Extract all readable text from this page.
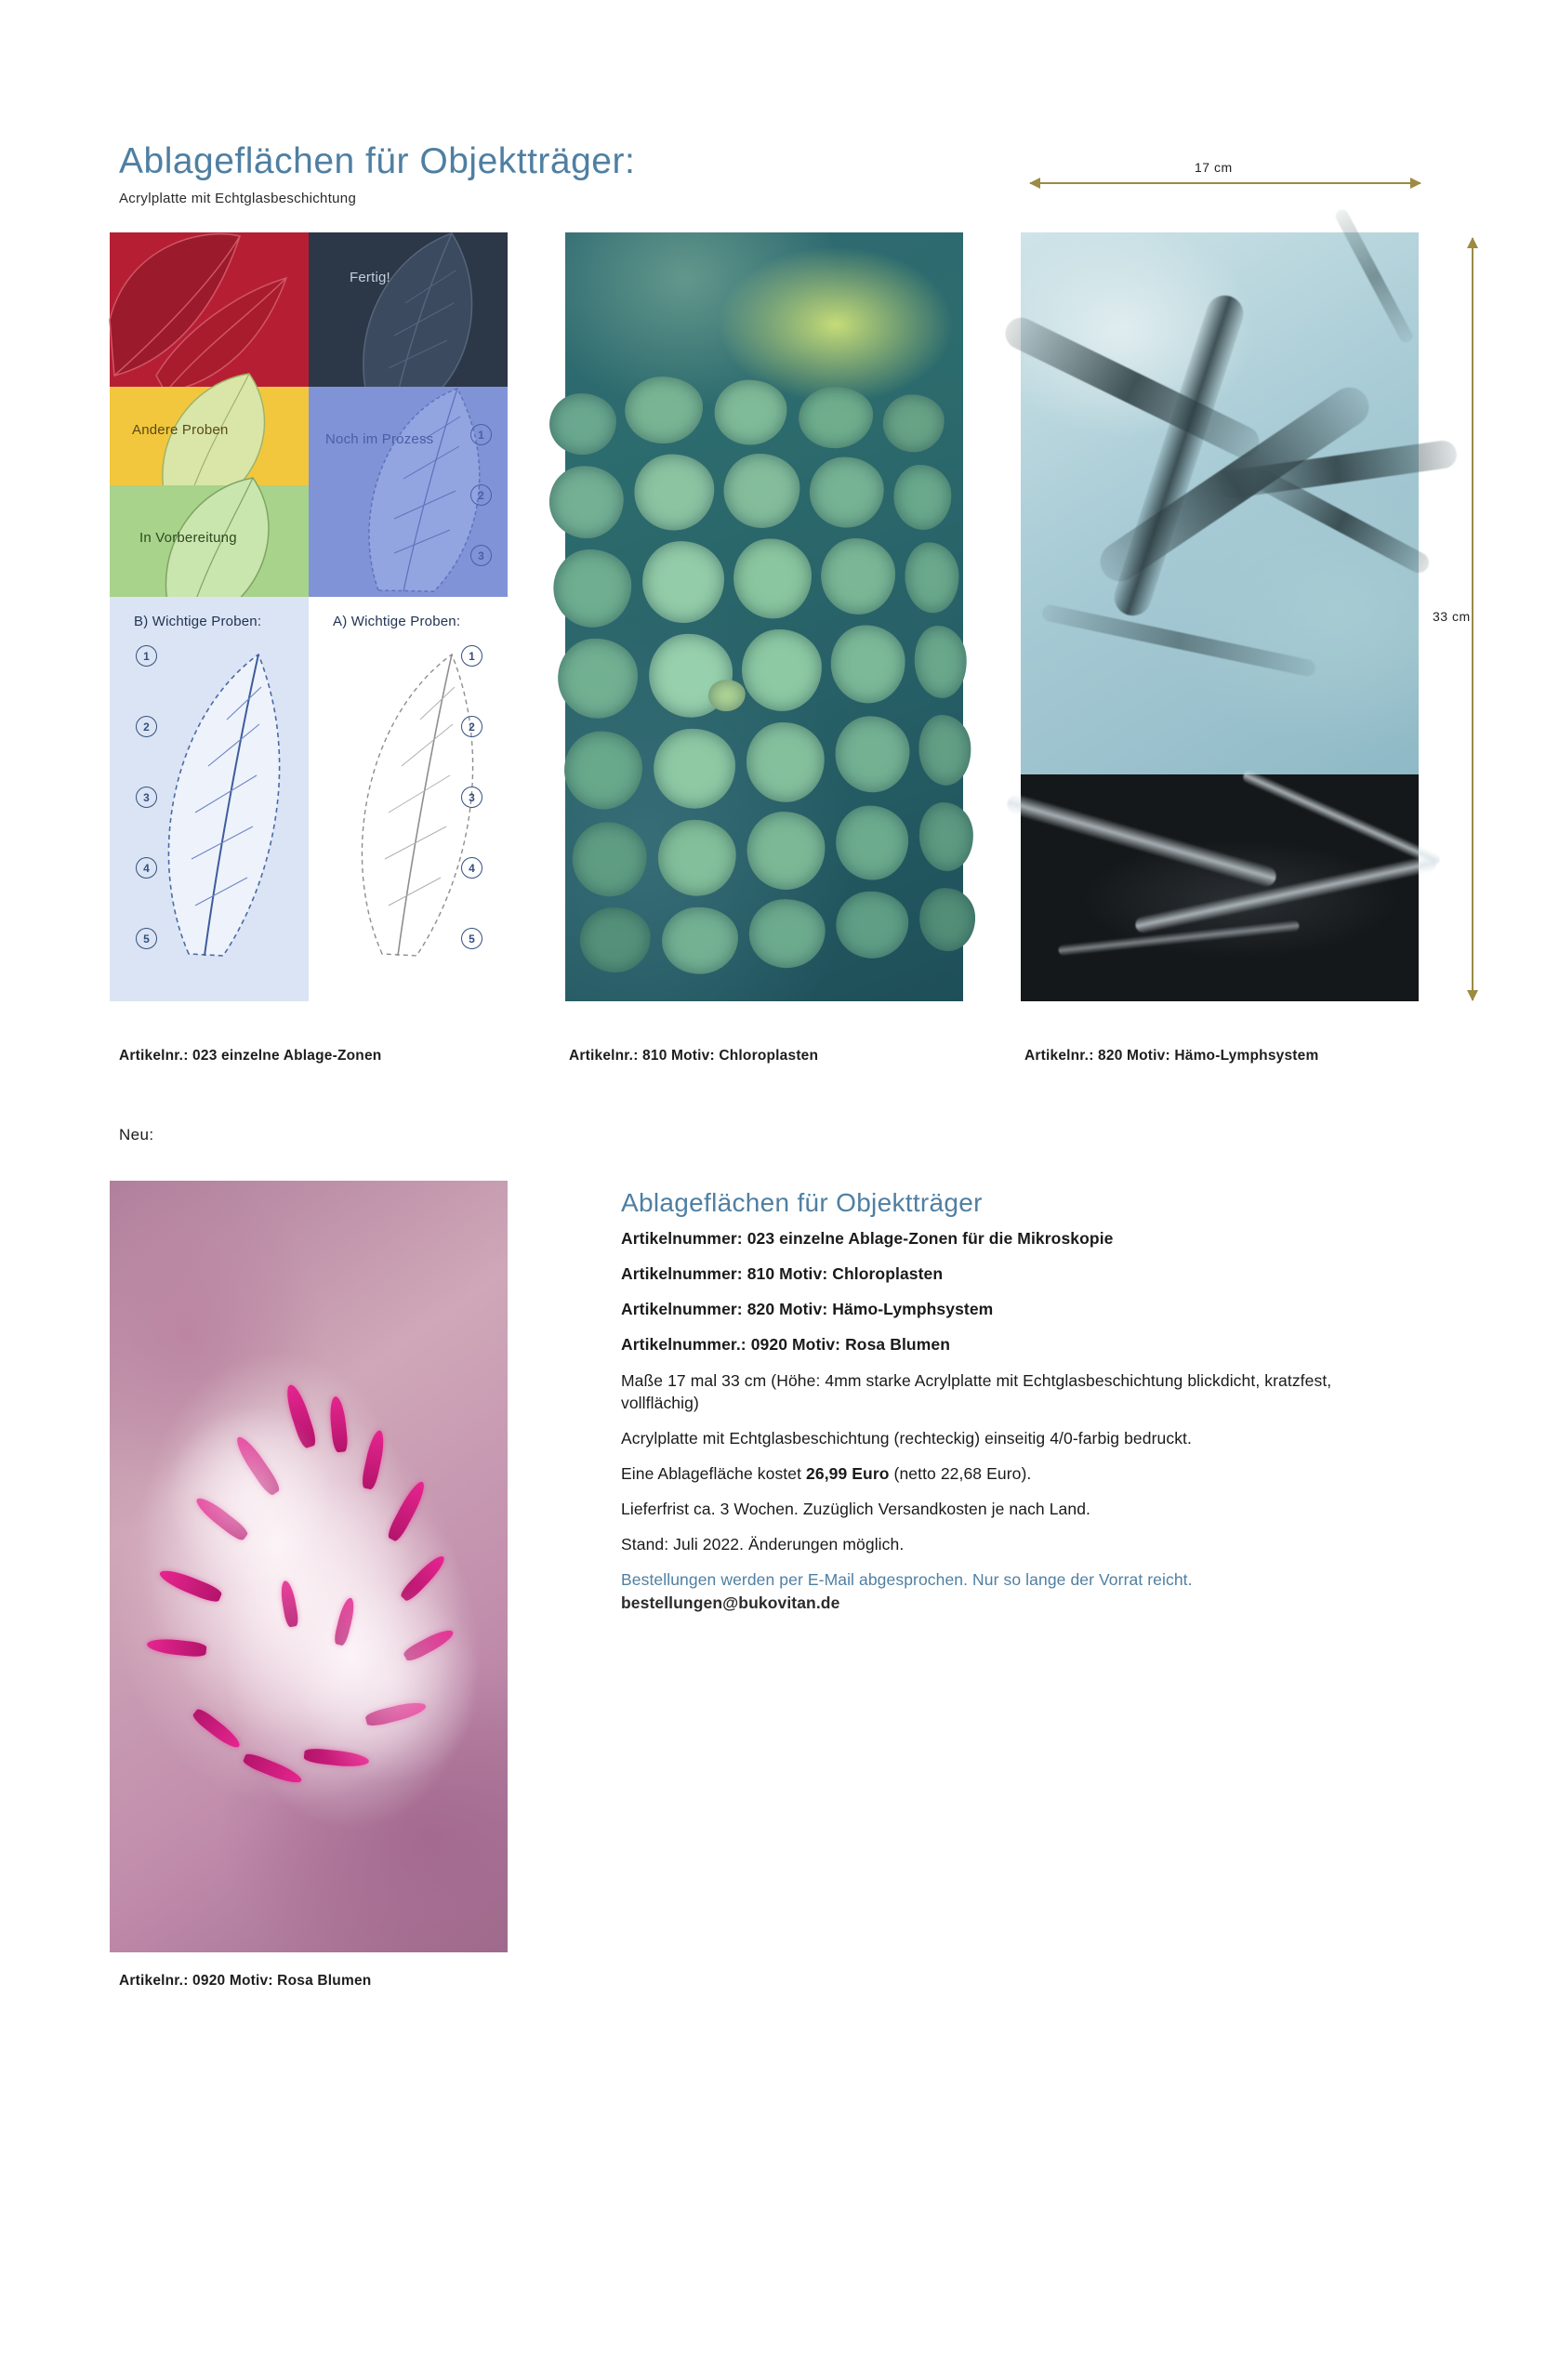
Ablageflächen für Objektträger:
Acrylplatte mit Echtglasbeschichtung
17 cm
33 cm
Fertig!
Andere Proben
Noch im Prozess	1
2
3
In Vorbereitung
B) Wichtige Proben:
1
2
3
4
5
A) Wichtige Proben:
1
2
3
4
5
Artikelnr.: 023 einzelne Ablage-Zonen	Artikelnr.: 810 Motiv: Chloroplasten	Artikelnr.: 820 Motiv: Hämo-Lymphsystem
Neu:
Artikelnr.: 0920 Motiv: Rosa Blumen
Ablageflächen für Objektträger

Artikelnummer: 023 einzelne Ablage-Zonen für die Mikroskopie

Artikelnummer: 810 Motiv: Chloroplasten

Artikelnummer: 820 Motiv: Hämo-Lymphsystem

Artikelnummer.: 0920 Motiv: Rosa Blumen

Maße 17 mal 33 cm (Höhe: 4mm starke Acrylplatte mit Echtglasbeschichtung blickdicht, kratzfest, vollflächig)

Acrylplatte mit Echtglasbeschichtung (rechteckig) einseitig 4/0-farbig bedruckt.

Eine Ablagefläche kostet 26,99 Euro (netto 22,68 Euro).

Lieferfrist ca. 3 Wochen. Zuzüglich Versandkosten je nach Land.

Stand: Juli 2022. Änderungen möglich.

Bestellungen werden per E-Mail abgesprochen. Nur so lange der Vorrat reicht.

bestellungen@bukovitan.de
